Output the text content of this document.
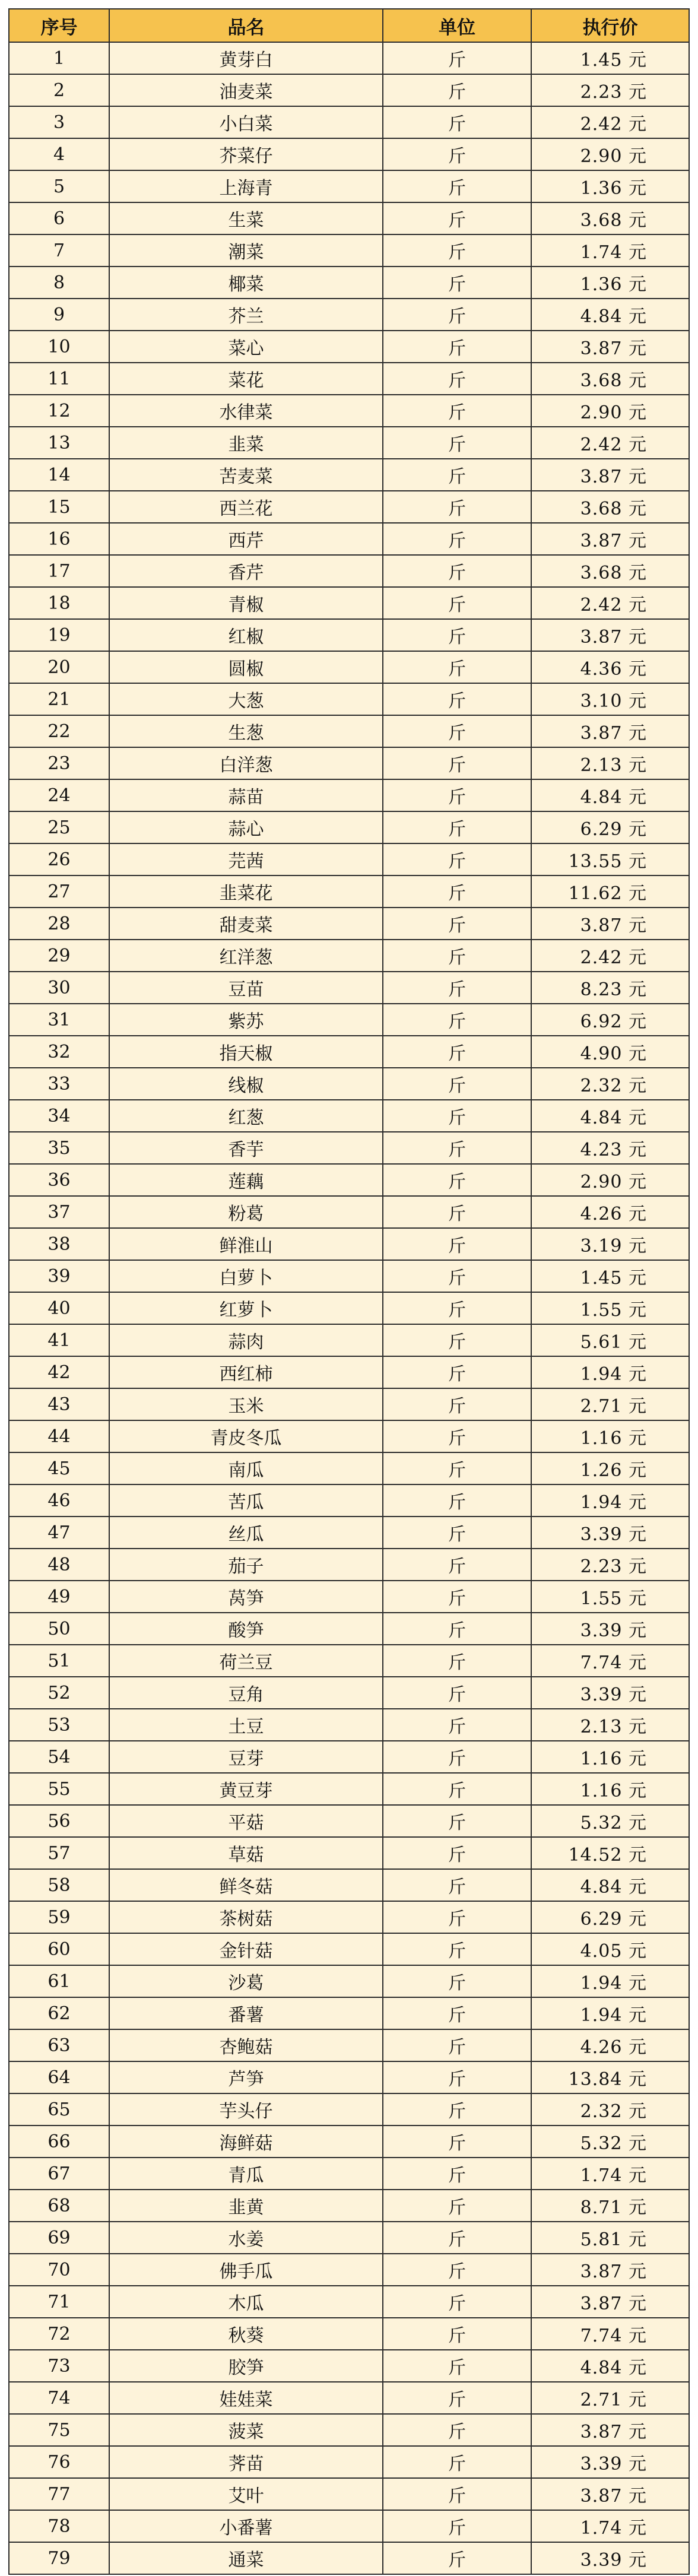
序号	品名	单位	执行价
1	黄芽白	斤	1.45 元
2	油麦菜	斤	2.23 元
3	小白菜	斤	2.42 元
4	芥菜仔	斤	2.90 元
5	上海青	斤	1.36 元
6	生菜	斤	3.68 元
7	潮菜	斤	1.74 元
8	椰菜	斤	1.36 元
9	芥兰	斤	4.84 元
10	菜心	斤	3.87 元
11	菜花	斤	3.68 元
12	水律菜	斤	2.90 元
13	韭菜	斤	2.42 元
14	苦麦菜	斤	3.87 元
15	西兰花	斤	3.68 元
16	西芹	斤	3.87 元
17	香芹	斤	3.68 元
18	青椒	斤	2.42 元
19	红椒	斤	3.87 元
20	圆椒	斤	4.36 元
21	大葱	斤	3.10 元
22	生葱	斤	3.87 元
23	白洋葱	斤	2.13 元
24	蒜苗	斤	4.84 元
25	蒜心	斤	6.29 元
26	芫茜	斤	13.55 元
27	韭菜花	斤	11.62 元
28	甜麦菜	斤	3.87 元
29	红洋葱	斤	2.42 元
30	豆苗	斤	8.23 元
31	紫苏	斤	6.92 元
32	指天椒	斤	4.90 元
33	线椒	斤	2.32 元
34	红葱	斤	4.84 元
35	香芋	斤	4.23 元
36	莲藕	斤	2.90 元
37	粉葛	斤	4.26 元
38	鲜淮山	斤	3.19 元
39	白萝卜	斤	1.45 元
40	红萝卜	斤	1.55 元
41	蒜肉	斤	5.61 元
42	西红柿	斤	1.94 元
43	玉米	斤	2.71 元
44	青皮冬瓜	斤	1.16 元
45	南瓜	斤	1.26 元
46	苦瓜	斤	1.94 元
47	丝瓜	斤	3.39 元
48	茄子	斤	2.23 元
49	莴笋	斤	1.55 元
50	酸笋	斤	3.39 元
51	荷兰豆	斤	7.74 元
52	豆角	斤	3.39 元
53	土豆	斤	2.13 元
54	豆芽	斤	1.16 元
55	黄豆芽	斤	1.16 元
56	平菇	斤	5.32 元
57	草菇	斤	14.52 元
58	鲜冬菇	斤	4.84 元
59	茶树菇	斤	6.29 元
60	金针菇	斤	4.05 元
61	沙葛	斤	1.94 元
62	番薯	斤	1.94 元
63	杏鲍菇	斤	4.26 元
64	芦笋	斤	13.84 元
65	芋头仔	斤	2.32 元
66	海鲜菇	斤	5.32 元
67	青瓜	斤	1.74 元
68	韭黄	斤	8.71 元
69	水姜	斤	5.81 元
70	佛手瓜	斤	3.87 元
71	木瓜	斤	3.87 元
72	秋葵	斤	7.74 元
73	胶笋	斤	4.84 元
74	娃娃菜	斤	2.71 元
75	菠菜	斤	3.87 元
76	荠苗	斤	3.39 元
77	艾叶	斤	3.87 元
78	小番薯	斤	1.74 元
79	通菜	斤	3.39 元
